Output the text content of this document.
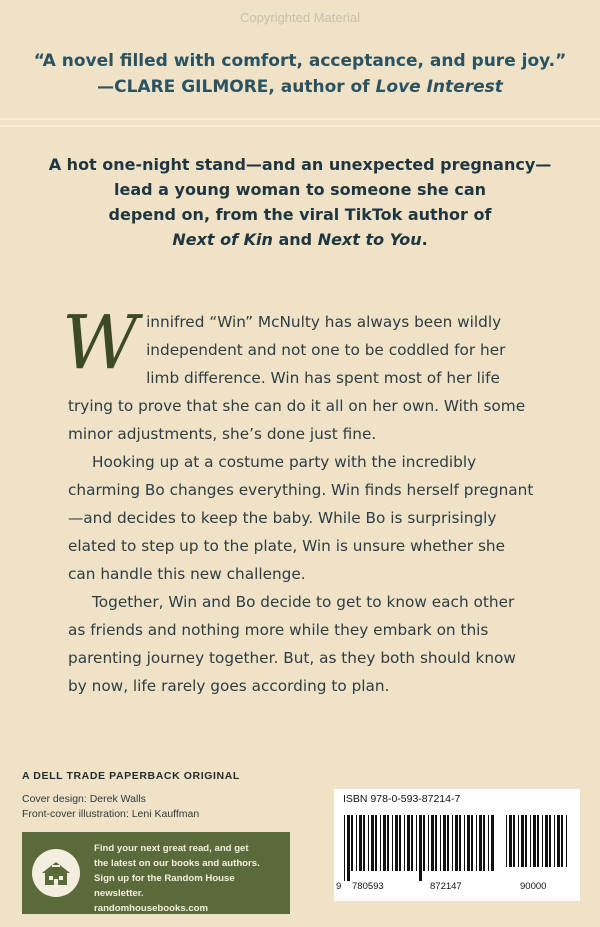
Copyrighted Material
“A novel filled with comfort, acceptance, and pure joy.”
—CLARE GILMORE, author of Love Interest
A hot one-night stand—and an unexpected pregnancy—
lead a young woman to someone she can
depend on, from the viral TikTok author of
Next of Kin and Next to You.

Winnifred “Win” McNulty has always been wildly independent and not one to be coddled for her limb difference. Win has spent most of her life trying to prove that she can do it all on her own. With some minor adjustments, she’s done just fine.

Hooking up at a costume party with the incredibly charming Bo changes everything. Win finds herself pregnant—and decides to keep the baby. While Bo is surprisingly elated to step up to the plate, Win is unsure whether she can handle this new challenge.

Together, Win and Bo decide to get to know each other as friends and nothing more while they embark on this parenting journey together. But, as they both should know by now, life rarely goes according to plan.

A DELL TRADE PAPERBACK ORIGINAL
Cover design: Derek Walls
Front-cover illustration: Leni Kauffman
Find your next great read, and get
the latest on our books and authors.
Sign up for the Random House newsletter.
randomhousebooks.com
ISBN 978-0-593-87214-7
9 780593	872147	90000
